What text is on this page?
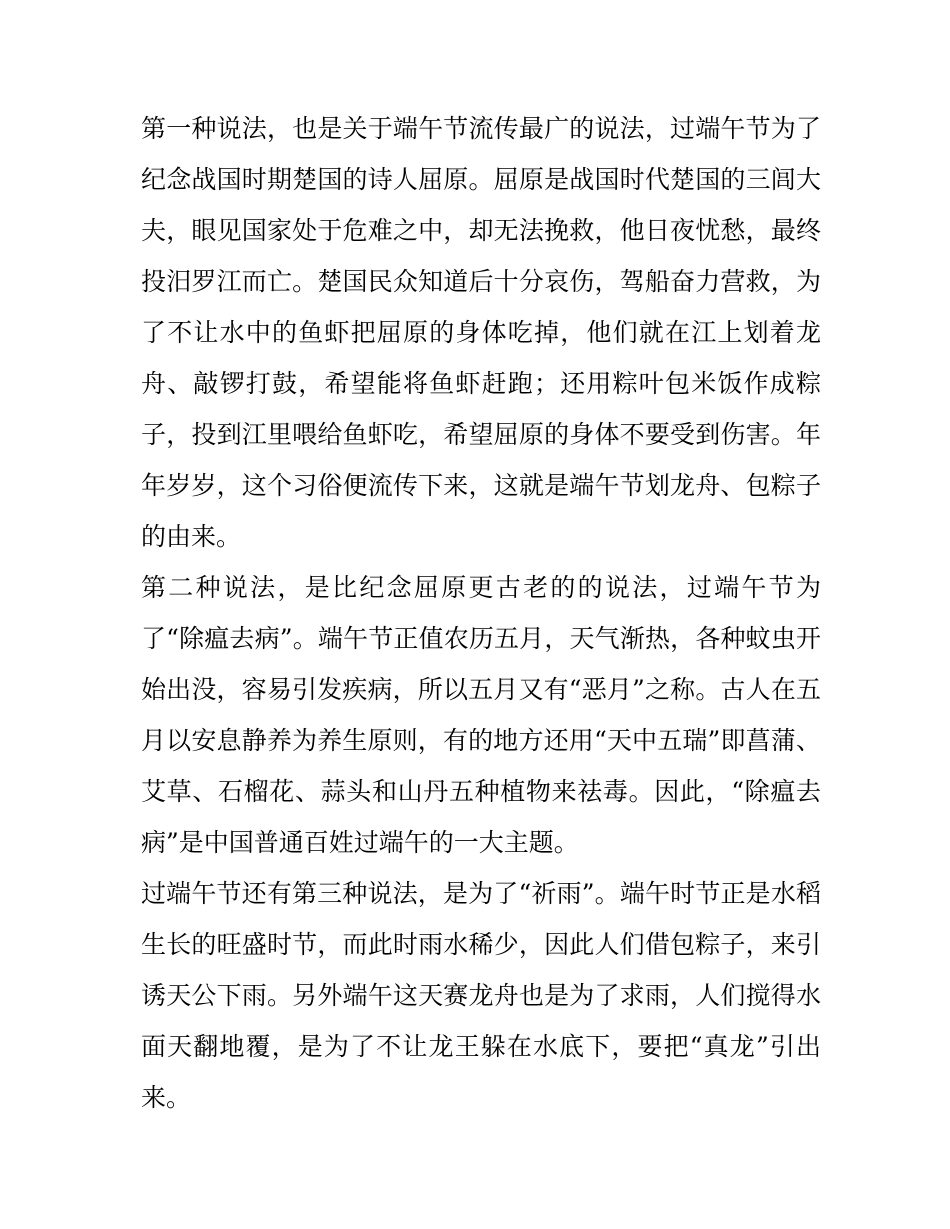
第一种说法，也是关于端午节流传最广的说法，过端午节为了纪念战国时期楚国的诗人屈原。屈原是战国时代楚国的三闾大夫，眼见国家处于危难之中，却无法挽救，他日夜忧愁，最终投汨罗江而亡。楚国民众知道后十分哀伤，驾船奋力营救，为了不让水中的鱼虾把屈原的身体吃掉，他们就在江上划着龙舟、敲锣打鼓，希望能将鱼虾赶跑；还用粽叶包米饭作成粽子，投到江里喂给鱼虾吃，希望屈原的身体不要受到伤害。年年岁岁，这个习俗便流传下来，这就是端午节划龙舟、包粽子的由来。

第二种说法，是比纪念屈原更古老的的说法，过端午节为了“除瘟去病”。端午节正值农历五月，天气渐热，各种蚊虫开始出没，容易引发疾病，所以五月又有“恶月”之称。古人在五月以安息静养为养生原则，有的地方还用“天中五瑞”即菖蒲、艾草、石榴花、蒜头和山丹五种植物来祛毒。因此，“除瘟去病”是中国普通百姓过端午的一大主题。

过端午节还有第三种说法，是为了“祈雨”。端午时节正是水稻生长的旺盛时节，而此时雨水稀少，因此人们借包粽子，来引诱天公下雨。另外端午这天赛龙舟也是为了求雨，人们搅得水面天翻地覆，是为了不让龙王躲在水底下，要把“真龙”引出来。
